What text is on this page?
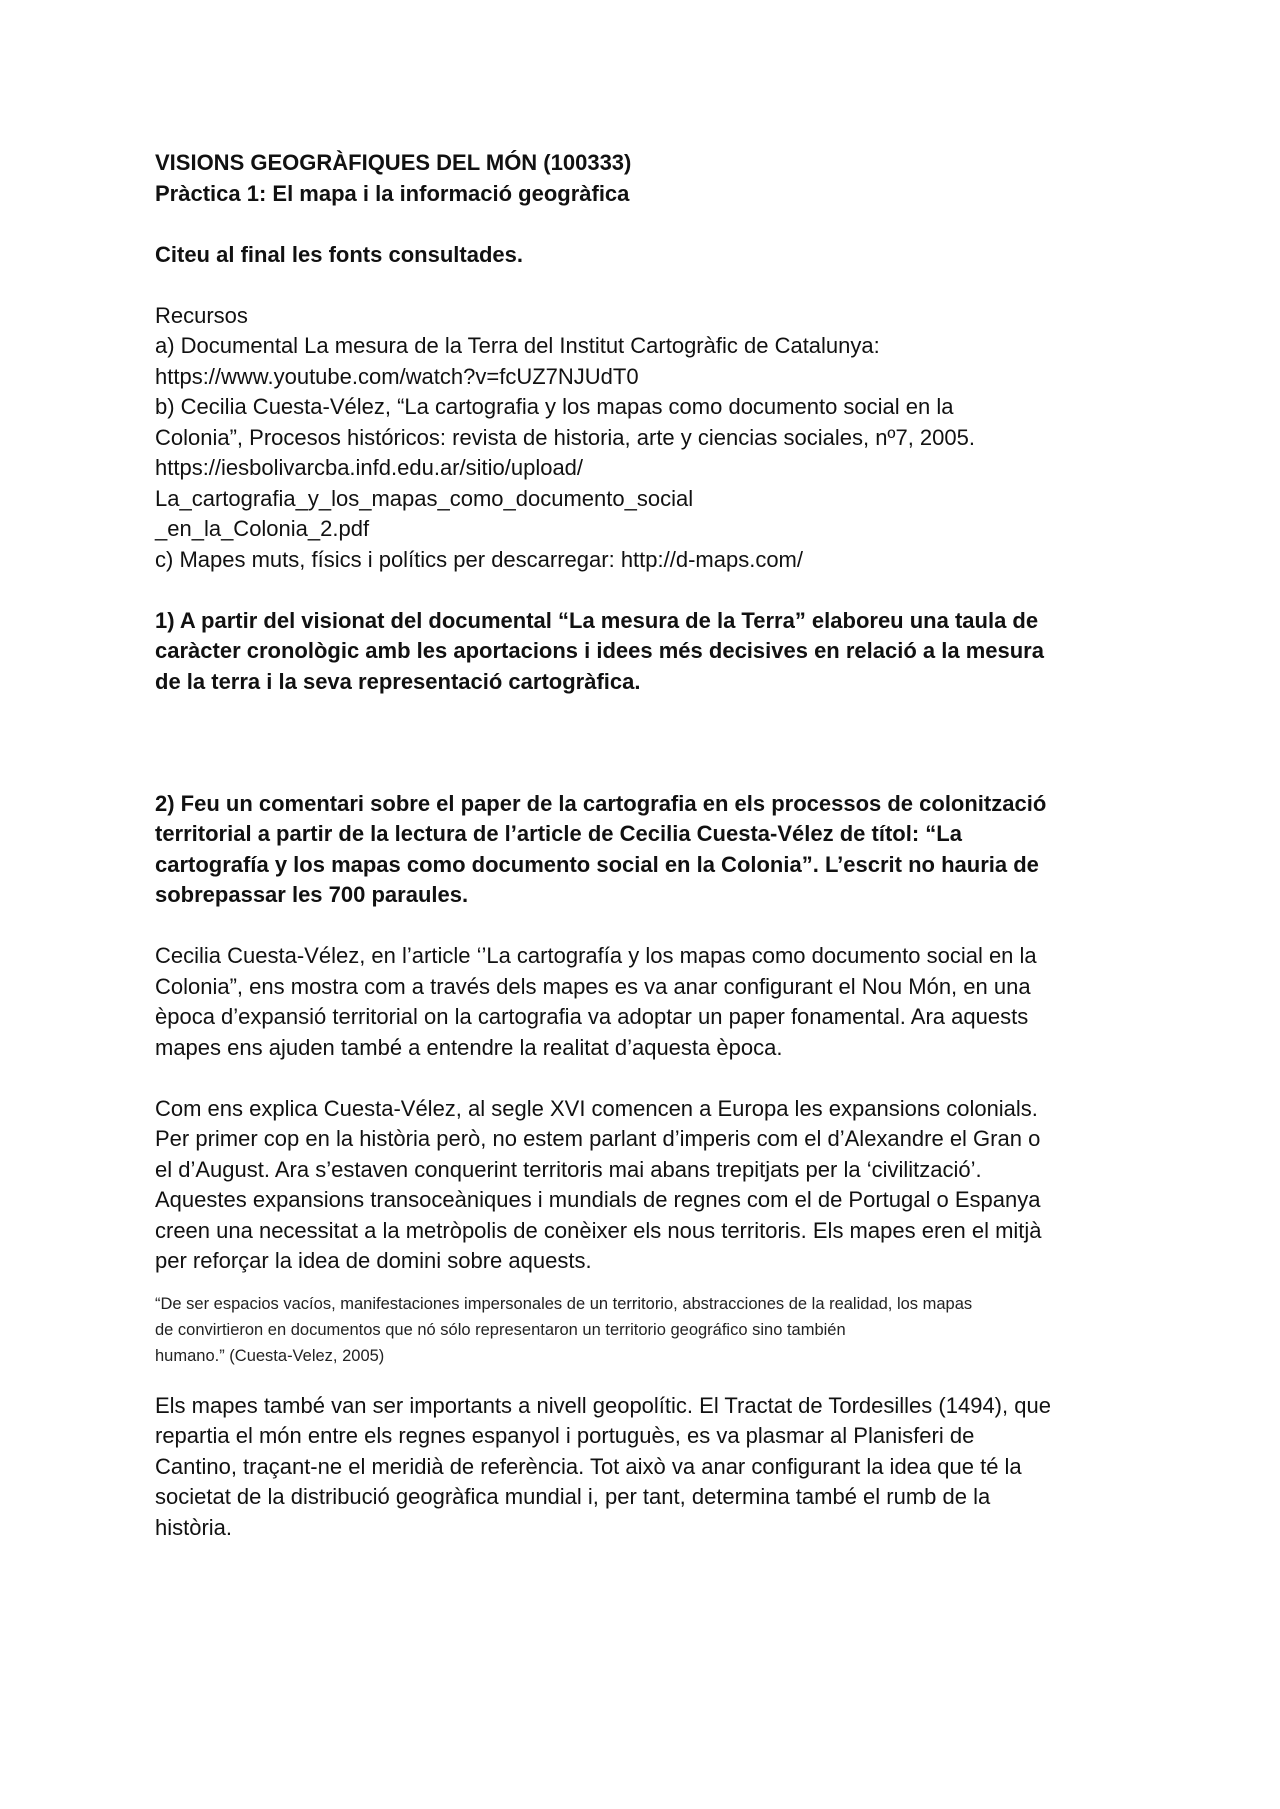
VISIONS GEOGRÀFIQUES DEL MÓN (100333)
Pràctica 1: El mapa i la informació geogràfica
Citeu al final les fonts consultades.
Recursos
a) Documental La mesura de la Terra del Institut Cartogràfic de Catalunya:
https://www.youtube.com/watch?v=fcUZ7NJUdT0
b) Cecilia Cuesta-Vélez, “La cartografia y los mapas como documento social en la
Colonia”, Procesos históricos: revista de historia, arte y ciencias sociales, nº7, 2005.
https://iesbolivarcba.infd.edu.ar/sitio/upload/
La_cartografia_y_los_mapas_como_documento_social
_en_la_Colonia_2.pdf
c) Mapes muts, físics i polítics per descarregar: http://d-maps.com/
1) A partir del visionat del documental “La mesura de la Terra” elaboreu una taula de
caràcter cronològic amb les aportacions i idees més decisives en relació a la mesura
de la terra i la seva representació cartogràfica.
2) Feu un comentari sobre el paper de la cartografia en els processos de colonització
territorial a partir de la lectura de l’article de Cecilia Cuesta-Vélez de títol: “La
cartografía y los mapas como documento social en la Colonia”. L’escrit no hauria de
sobrepassar les 700 paraules.
Cecilia Cuesta-Vélez, en l’article ‘’La cartografía y los mapas como documento social en la
Colonia”, ens mostra com a través dels mapes es va anar configurant el Nou Món, en una
època d’expansió territorial on la cartografia va adoptar un paper fonamental. Ara aquests
mapes ens ajuden també a entendre la realitat d’aquesta època.
Com ens explica Cuesta-Vélez, al segle XVI comencen a Europa les expansions colonials.
Per primer cop en la història però, no estem parlant d’imperis com el d’Alexandre el Gran o
el d’August. Ara s’estaven conquerint territoris mai abans trepitjats per la ‘civilització’.
Aquestes expansions transoceàniques i mundials de regnes com el de Portugal o Espanya
creen una necessitat a la metròpolis de conèixer els nous territoris. Els mapes eren el mitjà
per reforçar la idea de domini sobre aquests.
“De ser espacios vacíos, manifestaciones impersonales de un territorio, abstracciones de la realidad, los mapas
de convirtieron en documentos que nó sólo representaron un territorio geográfico sino también
humano.” (Cuesta-Velez, 2005)
Els mapes també van ser importants a nivell geopolític. El Tractat de Tordesilles (1494), que
repartia el món entre els regnes espanyol i portuguès, es va plasmar al Planisferi de
Cantino, traçant-ne el meridià de referència. Tot això va anar configurant la idea que té la
societat de la distribució geogràfica mundial i, per tant, determina també el rumb de la
història.
